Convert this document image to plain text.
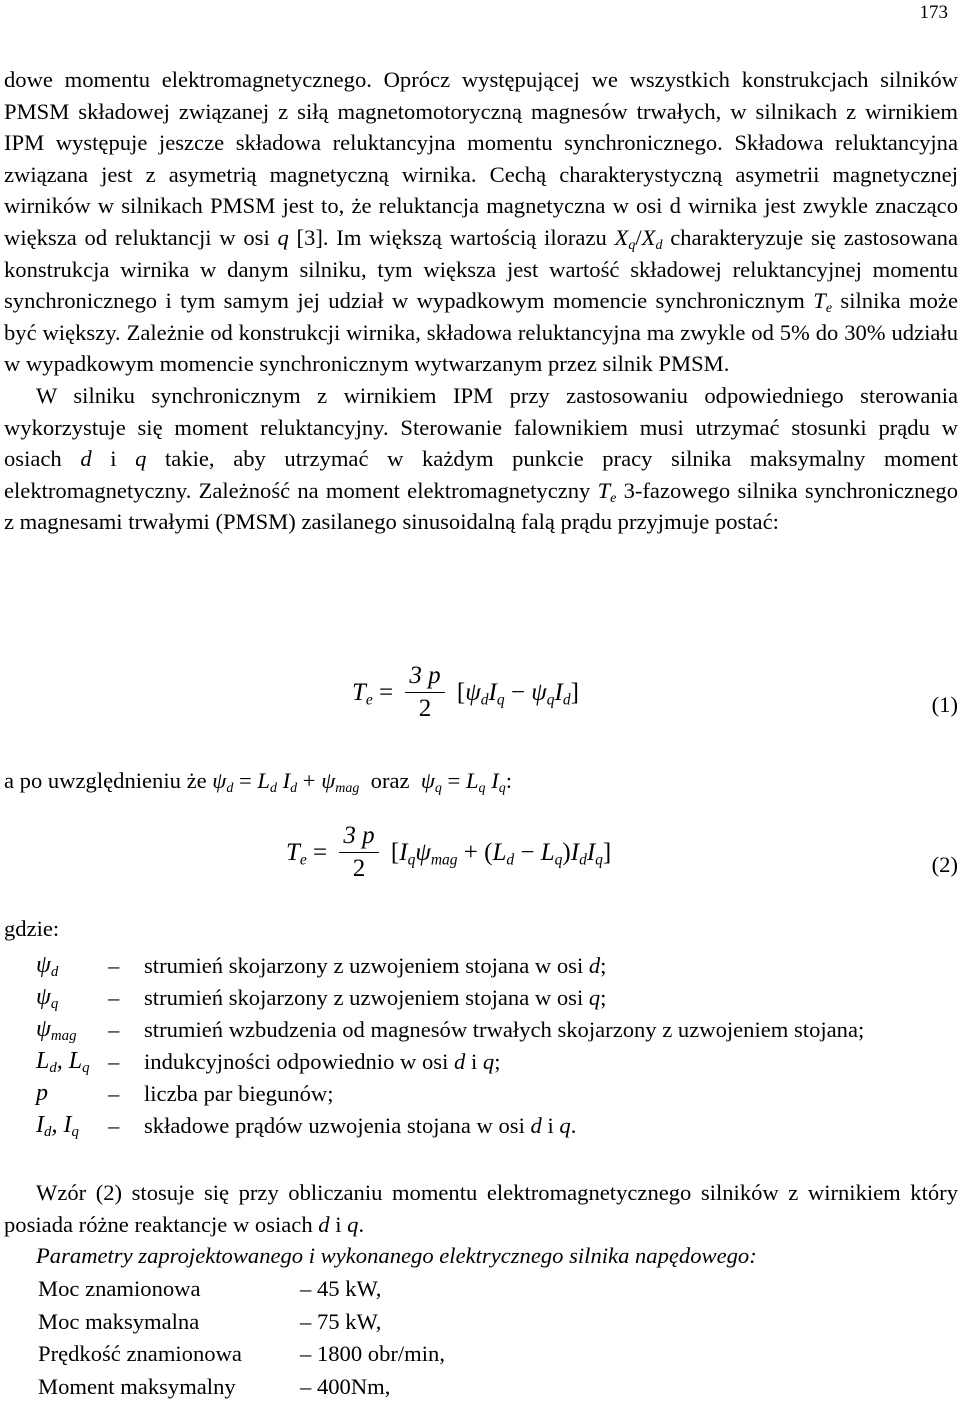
173

dowe momentu elektromagnetycznego. Oprócz występującej we wszystkich konstrukcjach silników PMSM składowej związanej z siłą magnetomotoryczną magnesów trwałych, w silnikach z wirnikiem IPM występuje jeszcze składowa reluktancyjna momentu synchronicznego. Składowa reluktancyjna związana jest z asymetrią magnetyczną wirnika. Cechą charakterystyczną asymetrii magnetycznej wirników w silnikach PMSM jest to, że reluktancja magnetyczna w osi d wirnika jest zwykle znacząco większa od reluktancji w osi q [3]. Im większą wartością ilorazu $X_q/X_d$ charakteryzuje się zastosowana konstrukcja wirnika w danym silniku, tym większa jest wartość składowej reluktancyjnej momentu synchronicznego i tym samym jej udział w wypadkowym momencie synchronicznym $T_e$ silnika może być większy. Zależnie od konstrukcji wirnika, składowa reluktancyjna ma zwykle od 5% do 30% udziału w wypadkowym momencie synchronicznym wytwarzanym przez silnik PMSM.

W silniku synchronicznym z wirnikiem IPM przy zastosowaniu odpowiedniego sterowania wykorzystuje się moment reluktancyjny. Sterowanie falownikiem musi utrzymać stosunki prądu w osiach d i q takie, aby utrzymać w każdym punkcie pracy silnika maksymalny moment elektromagnetyczny. Zależność na moment elektromagnetyczny $T_e$ 3-fazowego silnika synchronicznego z magnesami trwałymi (PMSM) zasilanego sinusoidalną falą prądu przyjmuje postać:

$T_e = \frac{3 p}{2} [\psi_dI_q - \psi_qI_d]$	(1)
a po uwzględnieniu że $\psi_d = L_d$ $I_d + \psi_{mag}$  oraz  $\psi_q = L_q$ $I_q$:
$T_e = \frac{3 p}{2} [I_q\psi_{mag} + (L_d - L_q)I_dI_q]$	(2)
gdzie:
$\psi_d$	–	strumień skojarzony z uzwojeniem stojana w osi d;
$\psi_q$	–	strumień skojarzony z uzwojeniem stojana w osi q;
$\psi_{mag}$	–	strumień wzbudzenia od magnesów trwałych skojarzony z uzwojeniem stojana;
$L_d$, $L_q$ –	indukcyjności odpowiednio w osi d i q;
p	–	liczba par biegunów;
$I_d$, $I_q$	–	składowe prądów uzwojenia stojana w osi d i q.

Wzór (2) stosuje się przy obliczaniu momentu elektromagnetycznego silników z wirnikiem który posiada różne reaktancje w osiach d i q.

Parametry zaprojektowanego i wykonanego elektrycznego silnika napędowego:

Moc znamionowa	– 45 kW,
Moc maksymalna	– 75 kW,
Prędkość znamionowa	– 1800 obr/min,
Moment maksymalny	– 400Nm,
